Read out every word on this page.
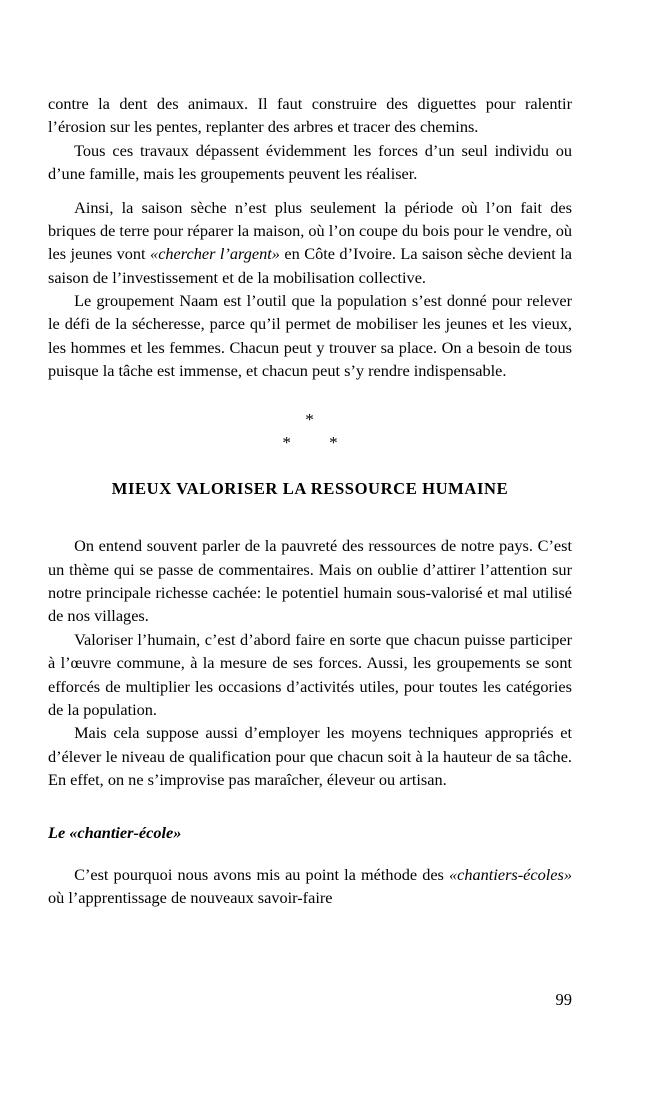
contre la dent des animaux. Il faut construire des diguettes pour ralentir l’érosion sur les pentes, replanter des arbres et tracer des chemins.

Tous ces travaux dépassent évidemment les forces d’un seul individu ou d’une famille, mais les groupements peuvent les réaliser.

Ainsi, la saison sèche n’est plus seulement la période où l’on fait des briques de terre pour réparer la maison, où l’on coupe du bois pour le vendre, où les jeunes vont «chercher l’argent» en Côte d’Ivoire. La saison sèche devient la saison de l’investissement et de la mobilisation collective.

Le groupement Naam est l’outil que la population s’est donné pour relever le défi de la sécheresse, parce qu’il permet de mobiliser les jeunes et les vieux, les hommes et les femmes. Chacun peut y trouver sa place. On a besoin de tous puisque la tâche est immense, et chacun peut s’y rendre indispensable.

*
* *
MIEUX VALORISER LA RESSOURCE HUMAINE

On entend souvent parler de la pauvreté des ressources de notre pays. C’est un thème qui se passe de commentaires. Mais on oublie d’attirer l’attention sur notre principale richesse cachée: le potentiel humain sous-valorisé et mal utilisé de nos villages.

Valoriser l’humain, c’est d’abord faire en sorte que chacun puisse participer à l’œuvre commune, à la mesure de ses forces. Aussi, les groupements se sont efforcés de multiplier les occasions d’activités utiles, pour toutes les catégories de la population.

Mais cela suppose aussi d’employer les moyens techniques appropriés et d’élever le niveau de qualification pour que chacun soit à la hauteur de sa tâche. En effet, on ne s’improvise pas maraîcher, éleveur ou artisan.

Le «chantier-école»

C’est pourquoi nous avons mis au point la méthode des «chantiers-écoles» où l’apprentissage de nouveaux savoir-faire

99
